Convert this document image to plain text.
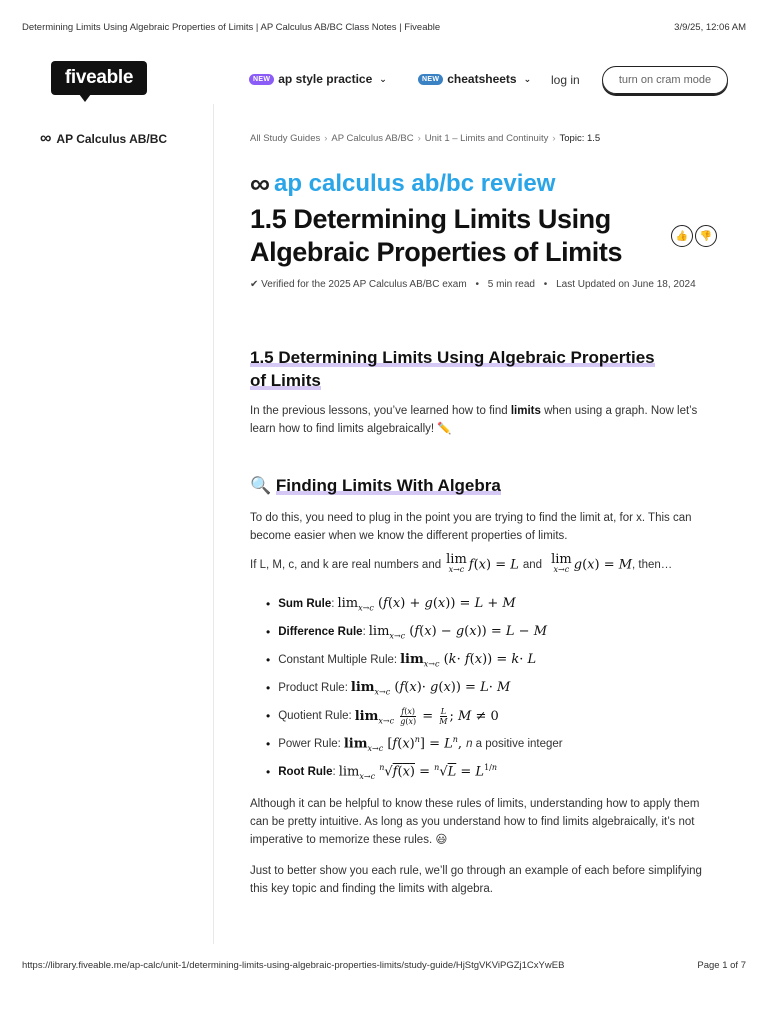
Determining Limits Using Algebraic Properties of Limits | AP Calculus AB/BC Class Notes | Fiveable	3/9/25, 12:06 AM
fiveable	NEW ap style practice ⌄	NEW cheatsheets ⌄ log in	turn on cram mode
∞ AP Calculus AB/BC	All Study Guides › AP Calculus AB/BC › Unit 1 – Limits and Continuity › Topic: 1.5
∞ ap calculus ab/bc review
1.5 Determining Limits Using Algebraic Properties of Limits
👍 👎
✔ Verified for the 2025 AP Calculus AB/BC exam • 5 min read • Last Updated on June 18, 2024
1.5 Determining Limits Using Algebraic Properties
of Limits

In the previous lessons, you’ve learned how to find limits when using a graph. Now let’s learn how to find limits algebraically! ✏️

🔍 Finding Limits With Algebra

To do this, you need to plug in the point you are trying to find the limit at, for x. This can become easier when we know the different properties of limits.

If L, M, c, and k are real numbers and lim
x→c f(x) = L and lim
x→c g(x) = M , then…

• Sum Rule : $\lim_{x\to c} (f(x) + g(x)) = L + M$
• Difference Rule : $\lim_{x\to c} (f(x) - g(x)) = L - M$
• Constant Multiple Rule : $\lim_{x\to c} (k\cdot f(x)) = k\cdot L$
• Product Rule : $\lim_{x\to c} (f(x)\cdot g(x)) = L\cdot M$
• Quotient Rule : $\lim_{x\to c} \frac{f(x)}{g(x)} = \frac{L}{M}$ ; M ≠ 0
• Power Rule : $\lim_{x\to c} [f(x)^n] = L^n$, n a positive integer
• Root Rule : $\lim_{x\to c} ^n√f(x) = ^n√L = L^{1/n}$

Although it can be helpful to know these rules of limits, understanding how to apply them can be pretty intuitive. As long as you understand how to find limits algebraically, it’s not imperative to memorize these rules. 😃

Just to better show you each rule, we’ll go through an example of each before simplifying this key topic and finding the limits with algebra.

https://library.fiveable.me/ap-calc/unit-1/determining-limits-using-algebraic-properties-limits/study-guide/HjStgVKViPGZj1CxYwEB	Page 1 of 7
